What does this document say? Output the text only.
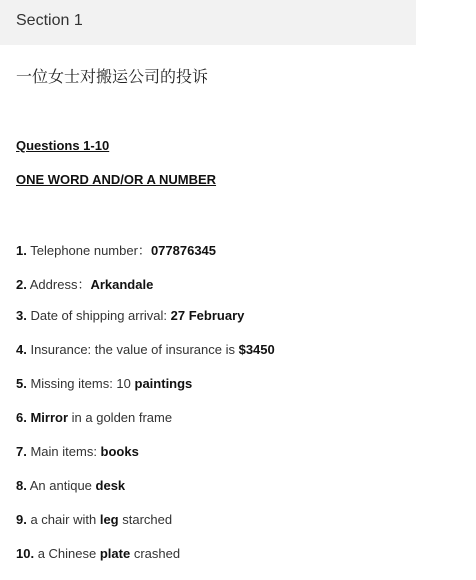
Section 1
一位女士对搬运公司的投诉
Questions 1-10
ONE WORD AND/OR A NUMBER
1. Telephone number：077876345
2. Address：Arkandale
3. Date of shipping arrival: 27 February
4. Insurance: the value of insurance is $3450
5. Missing items: 10 paintings
6. Mirror in a golden frame
7. Main items: books
8. An antique desk
9. a chair with leg starched
10. a Chinese plate crashed
